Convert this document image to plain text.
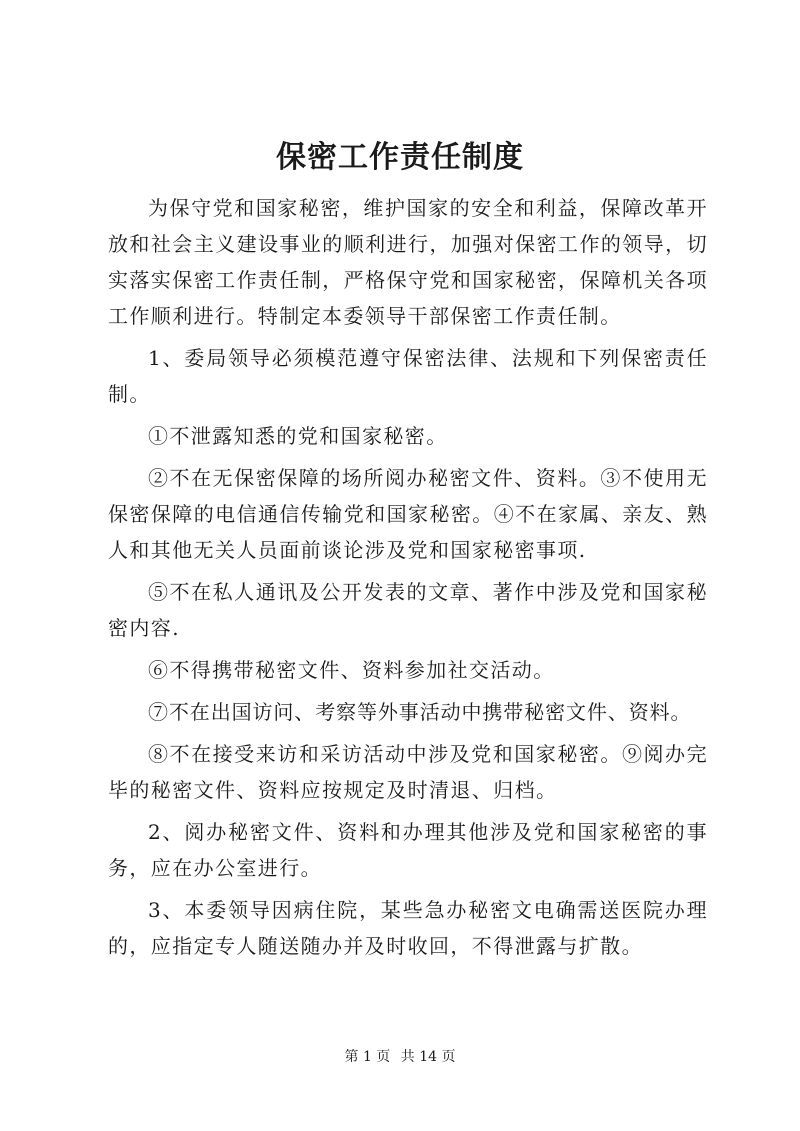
保密工作责任制度

为保守党和国家秘密，维护国家的安全和利益，保障改革开放和社会主义建设事业的顺利进行，加强对保密工作的领导，切实落实保密工作责任制，严格保守党和国家秘密，保障机关各项工作顺利进行。特制定本委领导干部保密工作责任制。

1、委局领导必须模范遵守保密法律、法规和下列保密责任制。

①不泄露知悉的党和国家秘密。

②不在无保密保障的场所阅办秘密文件、资料。③不使用无保密保障的电信通信传输党和国家秘密。④不在家属、亲友、熟人和其他无关人员面前谈论涉及党和国家秘密事项.

⑤不在私人通讯及公开发表的文章、著作中涉及党和国家秘密内容.

⑥不得携带秘密文件、资料参加社交活动。

⑦不在出国访问、考察等外事活动中携带秘密文件、资料。

⑧不在接受来访和采访活动中涉及党和国家秘密。⑨阅办完毕的秘密文件、资料应按规定及时清退、归档。

2、阅办秘密文件、资料和办理其他涉及党和国家秘密的事务，应在办公室进行。

3、本委领导因病住院，某些急办秘密文电确需送医院办理的，应指定专人随送随办并及时收回，不得泄露与扩散。

第 1 页 共 14 页
